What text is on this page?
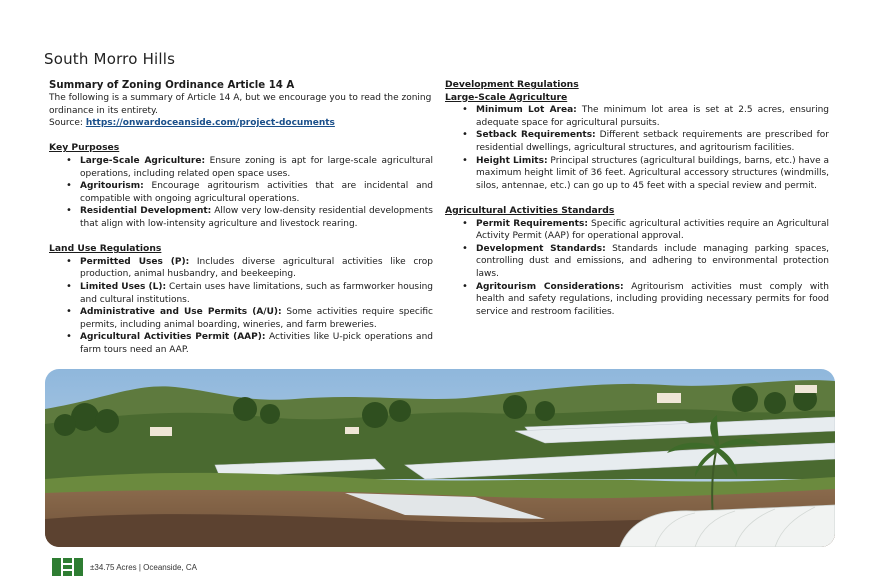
South Morro Hills
Summary of Zoning Ordinance Article 14 A

The following is a summary of Article 14 A, but we encourage you to read the zoning ordinance in its entirety.

Source: https://onwardoceanside.com/project-documents

Key Purposes

• Large-Scale Agriculture: Ensure zoning is apt for large-scale agricultural operations, including related open space uses.
• Agritourism: Encourage agritourism activities that are incidental and compatible with ongoing agricultural operations.
• Residential Development: Allow very low-density residential developments that align with low-intensity agriculture and livestock rearing.

Land Use Regulations

• Permitted Uses (P): Includes diverse agricultural activities like crop production, animal husbandry, and beekeeping.
• Limited Uses (L): Certain uses have limitations, such as farmworker housing and cultural institutions.
• Administrative and Use Permits (A/U): Some activities require specific permits, including animal boarding, wineries, and farm breweries.
• Agricultural Activities Permit (AAP): Activities like U-pick operations and farm tours need an AAP.

Development Regulations

Large-Scale Agriculture

• Minimum Lot Area: The minimum lot area is set at 2.5 acres, ensuring adequate space for agricultural pursuits.
• Setback Requirements: Different setback requirements are prescribed for residential dwellings, agricultural structures, and agritourism facilities.
• Height Limits: Principal structures (agricultural buildings, barns, etc.) have a maximum height limit of 36 feet. Agricultural accessory structures (windmills, silos, antennae, etc.) can go up to 45 feet with a special review and permit.

Agricultural Activities Standards

• Permit Requirements: Specific agricultural activities require an Agricultural Activity Permit (AAP) for operational approval.
• Development Standards: Standards include managing parking spaces, controlling dust and emissions, and adhering to environmental protection laws.
• Agritourism Considerations: Agritourism activities must comply with health and safety regulations, including providing necessary permits for food service and restroom facilities.
±34.75 Acres | Oceanside, CA
